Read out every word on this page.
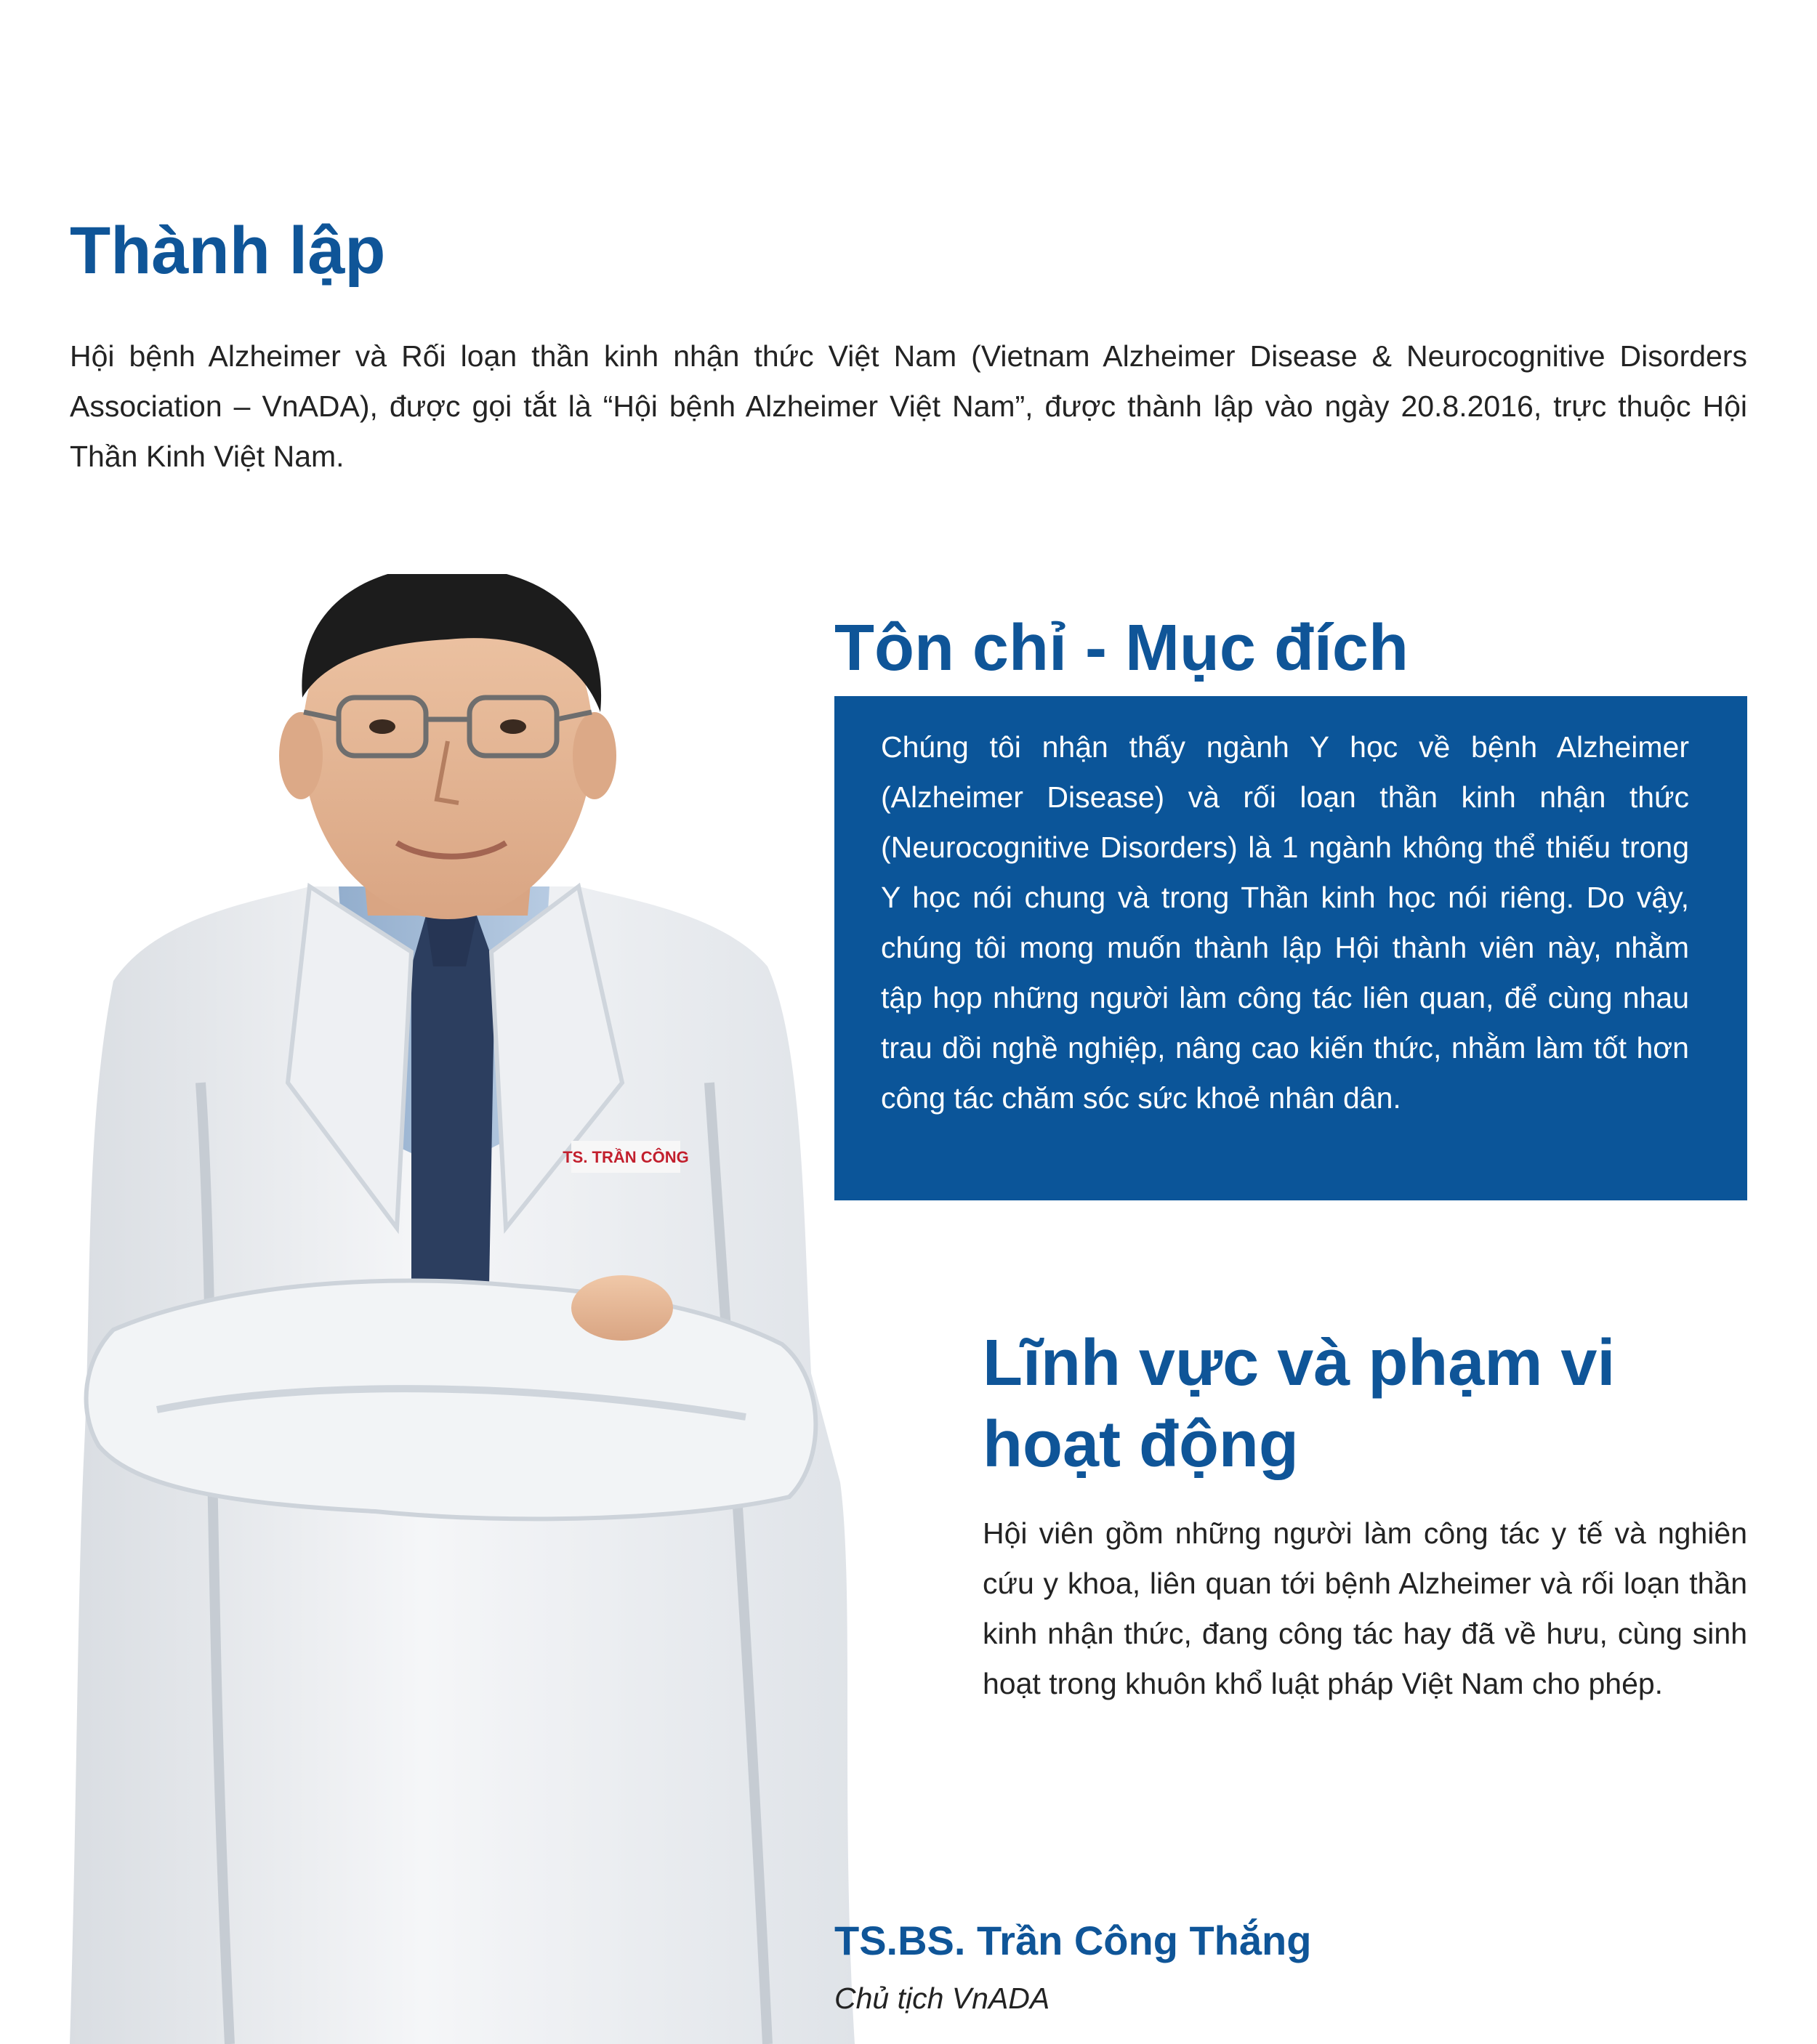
Thành lập

Hội bệnh Alzheimer và Rối loạn thần kinh nhận thức Việt Nam (Vietnam Alzheimer Disease & Neurocognitive Disorders Association – VnADA), được gọi tắt là “Hội bệnh Alzheimer Việt Nam”, được thành lập vào ngày 20.8.2016, trực thuộc Hội Thần Kinh Việt Nam.

TS. TRẦN CÔNG
Tôn chỉ - Mục đích

Chúng tôi nhận thấy ngành Y học về bệnh Alzheimer (Alzheimer Disease) và rối loạn thần kinh nhận thức (Neurocognitive Disorders) là 1 ngành không thể thiếu trong Y học nói chung và trong Thần kinh học nói riêng. Do vậy, chúng tôi mong muốn thành lập Hội thành viên này, nhằm tập họp những người làm công tác liên quan, để cùng nhau trau dồi nghề nghiệp, nâng cao kiến thức, nhằm làm tốt hơn công tác chăm sóc sức khoẻ nhân dân.

Lĩnh vực và phạm vi hoạt động

Hội viên gồm những người làm công tác y tế và nghiên cứu y khoa, liên quan tới bệnh Alzheimer và rối loạn thần kinh nhận thức, đang công tác hay đã về hưu, cùng sinh hoạt trong khuôn khổ luật pháp Việt Nam cho phép.

TS.BS. Trần Công Thắng

Chủ tịch VnADA
